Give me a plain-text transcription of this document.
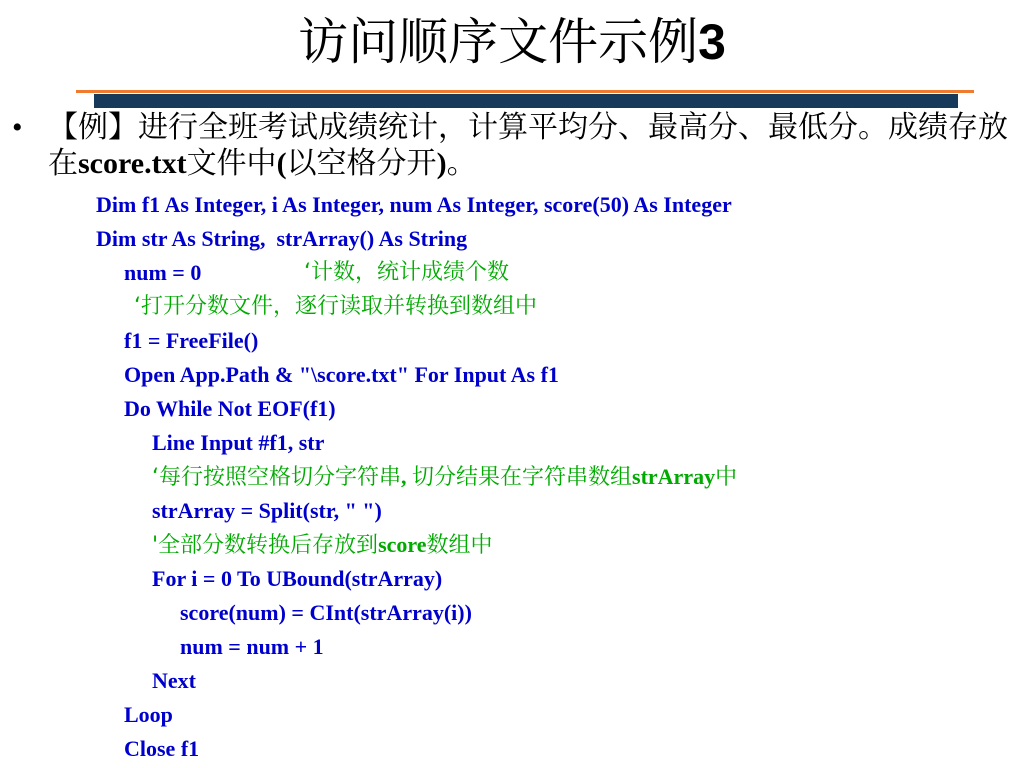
访问顺序文件示例3
• 【例】进行全班考试成绩统计，计算平均分、最高分、最低分。成绩存放在score.txt文件中(以空格分开)。
Dim f1 As Integer, i As Integer, num As Integer, score(50) As Integer
Dim str As String,  strArray() As String
num = 0	‘计数，统计成绩个数
‘打开分数文件，逐行读取并转换到数组中
f1 = FreeFile()
Open App.Path & "\score.txt" For Input As f1
Do While Not EOF(f1)
Line Input #f1, str
‘每行按照空格切分字符串, 切分结果在字符串数组strArray中
strArray = Split(str, " ")
'全部分数转换后存放到score数组中
For i = 0 To UBound(strArray)
score(num) = CInt(strArray(i))
num = num + 1
Next
Loop
Close f1
